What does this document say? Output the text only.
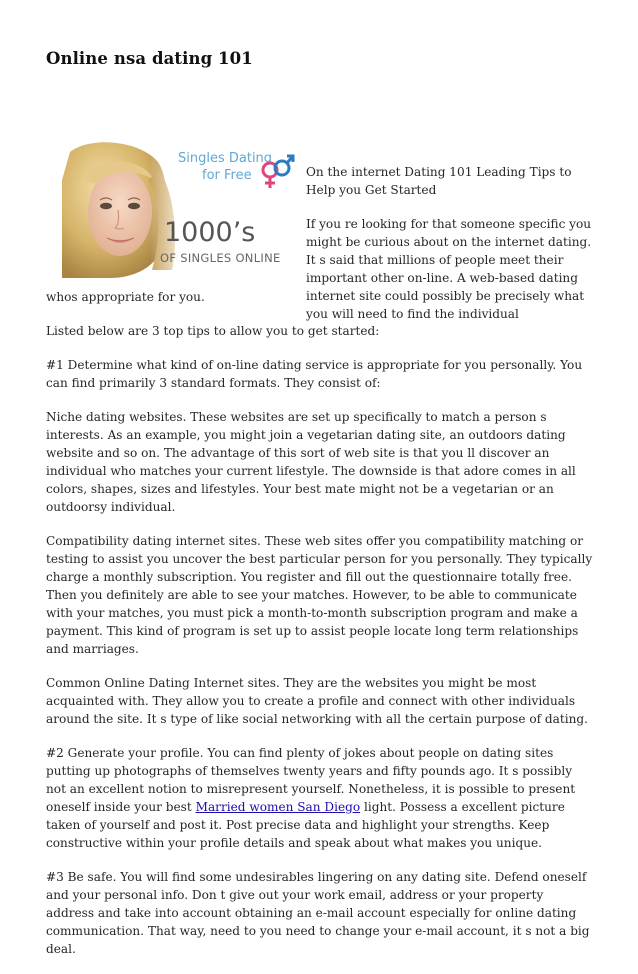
Online nsa dating 101
Singles Dating
for Free
1000’s
OF SINGLES ONLINE

On the internet Dating 101 Leading Tips to Help you Get Started

If you re looking for that someone specific you might be curious about on the internet dating. It s said that millions of people meet their important other on-line. A web-based dating internet site could possibly be precisely what you will need to find the individual

whos appropriate for you.

Listed below are 3 top tips to allow you to get started:

#1 Determine what kind of on-line dating service is appropriate for you personally. You can find primarily 3 standard formats. They consist of:

Niche dating websites. These websites are set up specifically to match a person s interests. As an example, you might join a vegetarian dating site, an outdoors dating website and so on. The advantage of this sort of web site is that you ll discover an individual who matches your current lifestyle. The downside is that adore comes in all colors, shapes, sizes and lifestyles. Your best mate might not be a vegetarian or an outdoorsy individual.

Compatibility dating internet sites. These web sites offer you compatibility matching or testing to assist you uncover the best particular person for you personally. They typically charge a monthly subscription. You register and fill out the questionnaire totally free. Then you definitely are able to see your matches. However, to be able to communicate with your matches, you must pick a month-to-month subscription program and make a payment. This kind of program is set up to assist people locate long term relationships and marriages.

Common Online Dating Internet sites. They are the websites you might be most acquainted with. They allow you to create a profile and connect with other individuals around the site. It s type of like social networking with all the certain purpose of dating.

#2 Generate your profile. You can find plenty of jokes about people on dating sites putting up photographs of themselves twenty years and fifty pounds ago. It s possibly not an excellent notion to misrepresent yourself. Nonetheless, it is possible to present oneself inside your best Married women San Diego light. Possess a excellent picture taken of yourself and post it. Post precise data and highlight your strengths. Keep constructive within your profile details and speak about what makes you unique.

#3 Be safe. You will find some undesirables lingering on any dating site. Defend oneself and your personal info. Don t give out your work email, address or your property address and take into account obtaining an e-mail account especially for online dating communication. That way, need to you need to change your e-mail account, it s not a big deal.
